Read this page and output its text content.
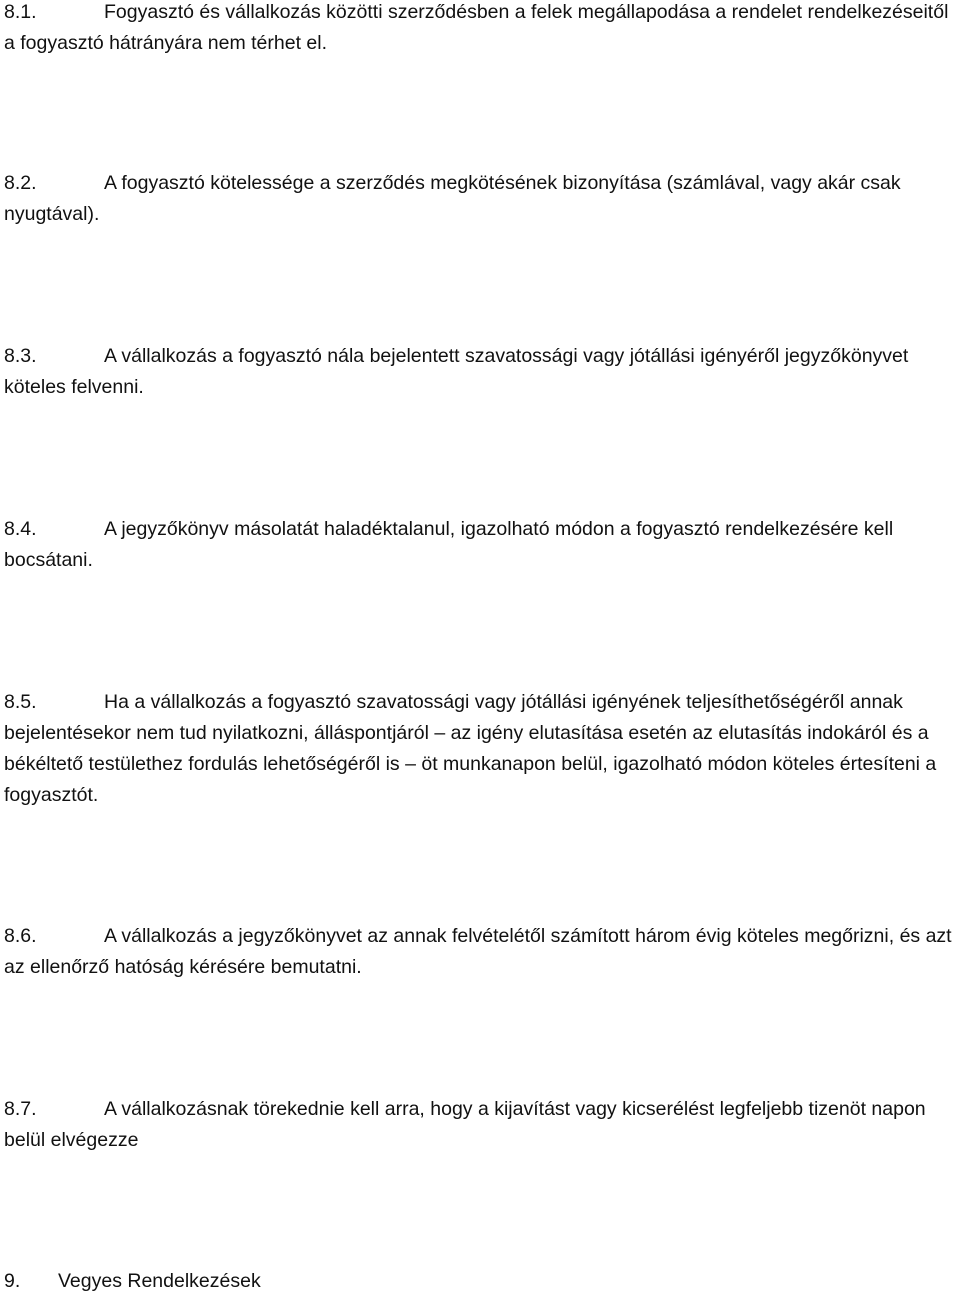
8.1.	Fogyasztó és vállalkozás közötti szerződésben a felek megállapodása a rendelet rendelkezéseitől a fogyasztó hátrányára nem térhet el.

8.2.	A fogyasztó kötelessége a szerződés megkötésének bizonyítása (számlával, vagy akár csak nyugtával).

8.3.	A vállalkozás a fogyasztó nála bejelentett szavatossági vagy jótállási igényéről jegyzőkönyvet köteles felvenni.

8.4.	A jegyzőkönyv másolatát haladéktalanul, igazolható módon a fogyasztó rendelkezésére kell bocsátani.

8.5.	Ha a vállalkozás a fogyasztó szavatossági vagy jótállási igényének teljesíthetőségéről annak bejelentésekor nem tud nyilatkozni, álláspontjáról – az igény elutasítása esetén az elutasítás indokáról és a békéltető testülethez fordulás lehetőségéről is – öt munkanapon belül, igazolható módon köteles értesíteni a fogyasztót.

8.6.	A vállalkozás a jegyzőkönyvet az annak felvételétől számított három évig köteles megőrizni, és azt az ellenőrző hatóság kérésére bemutatni.

8.7.	A vállalkozásnak törekednie kell arra, hogy a kijavítást vagy kicserélést legfeljebb tizenöt napon belül elvégezze

9. Vegyes Rendelkezések
